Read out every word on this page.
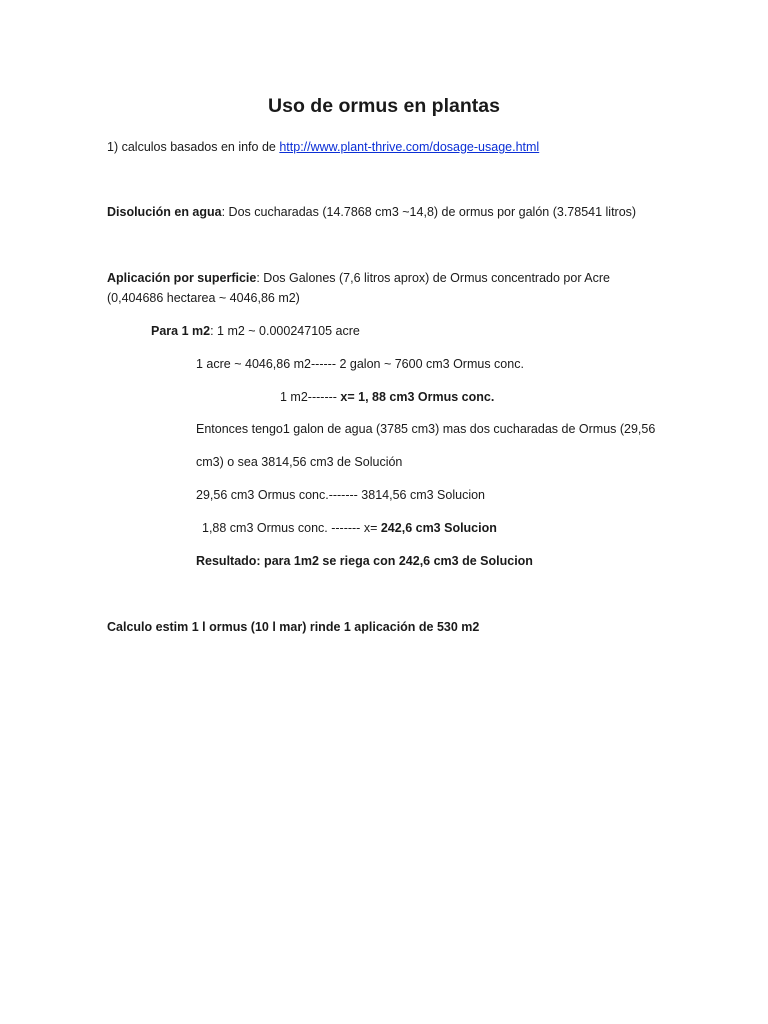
Uso de ormus en plantas
1) calculos basados en info de http://www.plant-thrive.com/dosage-usage.html
Disolución en agua: Dos cucharadas (14.7868 cm3 ~14,8) de ormus por galón (3.78541 litros)
Aplicación por superficie: Dos Galones (7,6 litros aprox) de Ormus concentrado por Acre
(0,404686 hectarea ~ 4046,86 m2)
Para 1 m2: 1 m2 ~ 0.000247105 acre
1 acre ~ 4046,86 m2------ 2 galon ~ 7600 cm3 Ormus conc.
1 m2------- x= 1, 88 cm3 Ormus conc.
Entonces tengo1 galon de agua (3785 cm3) mas dos cucharadas de Ormus (29,56
cm3) o sea 3814,56 cm3 de Solución
29,56 cm3 Ormus conc.------- 3814,56 cm3 Solucion
1,88 cm3 Ormus conc. ------- x= 242,6 cm3 Solucion
Resultado: para 1m2 se riega con 242,6 cm3 de Solucion
Calculo estim 1 l ormus (10 l mar) rinde 1 aplicación de 530 m2
